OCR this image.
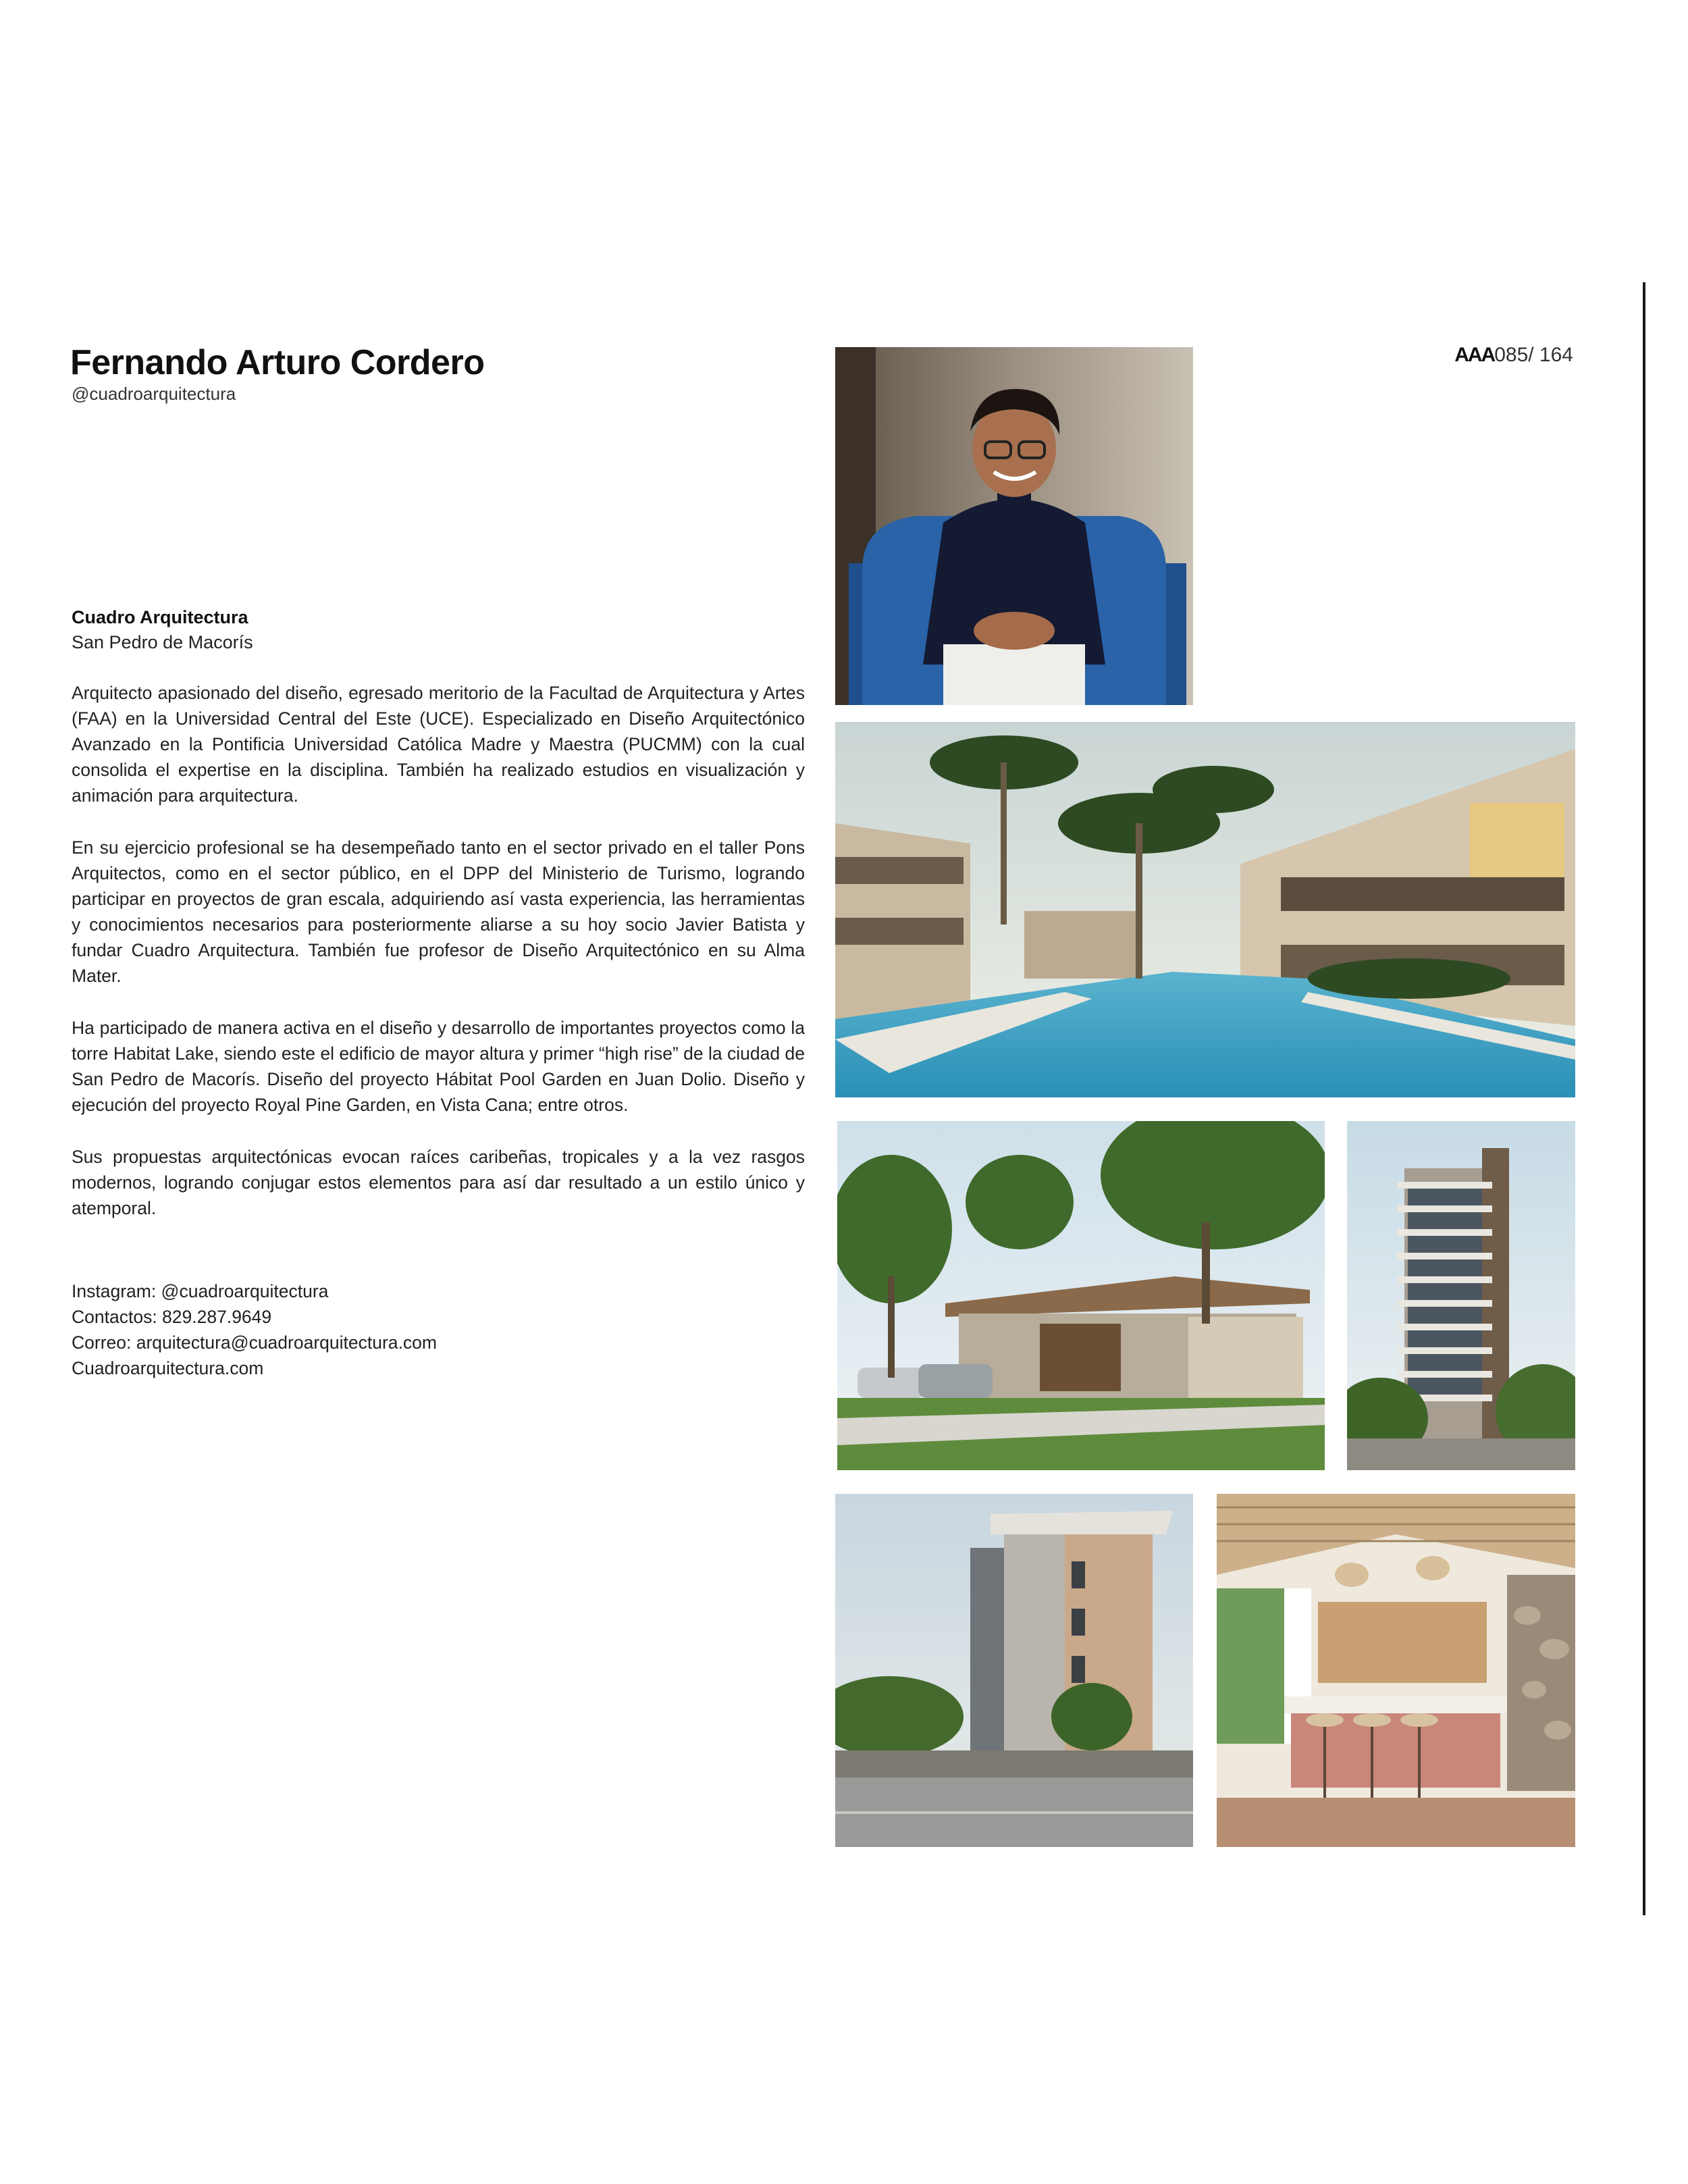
AAA085/ 164
Fernando Arturo Cordero
@cuadroarquitectura
Cuadro Arquitectura
San Pedro de Macorís

Arquitecto apasionado del diseño, egresado meritorio de la Facultad de Arquitectura y Artes (FAA) en la Universidad Central del Este (UCE). Especializado en Diseño Arquitectónico Avanzado en la Pontificia Universidad Católica Madre y Maestra (PUCMM) con la cual consolida el expertise en la disciplina. También ha realizado estudios en visualización y animación para arquitectura.

En su ejercicio profesional se ha desempeñado tanto en el sector privado en el taller Pons Arquitectos, como en el sector público, en el DPP del Ministerio de Turismo, logrando participar en proyectos de gran escala, adquiriendo así vasta experiencia, las herramientas y conocimientos necesarios para posteriormente aliarse a su hoy socio Javier Batista y fundar Cuadro Arquitectura. También fue profesor de Diseño Arquitectónico en su Alma Mater.

Ha participado de manera activa en el diseño y desarrollo de importantes proyectos como la torre Habitat Lake, siendo este el edificio de mayor altura y primer “high rise” de la ciudad de San Pedro de Macorís. Diseño del proyecto Hábitat Pool Garden en Juan Dolio. Diseño y ejecución del proyecto Royal Pine Garden, en Vista Cana; entre otros.

Sus propuestas arquitectónicas evocan raíces caribeñas, tropicales y a la vez rasgos modernos, logrando conjugar estos elementos para así dar resultado a un estilo único y atemporal.

Instagram: @cuadroarquitectura
Contactos: 829.287.9649
Correo: arquitectura@cuadroarquitectura.com
Cuadroarquitectura.com
